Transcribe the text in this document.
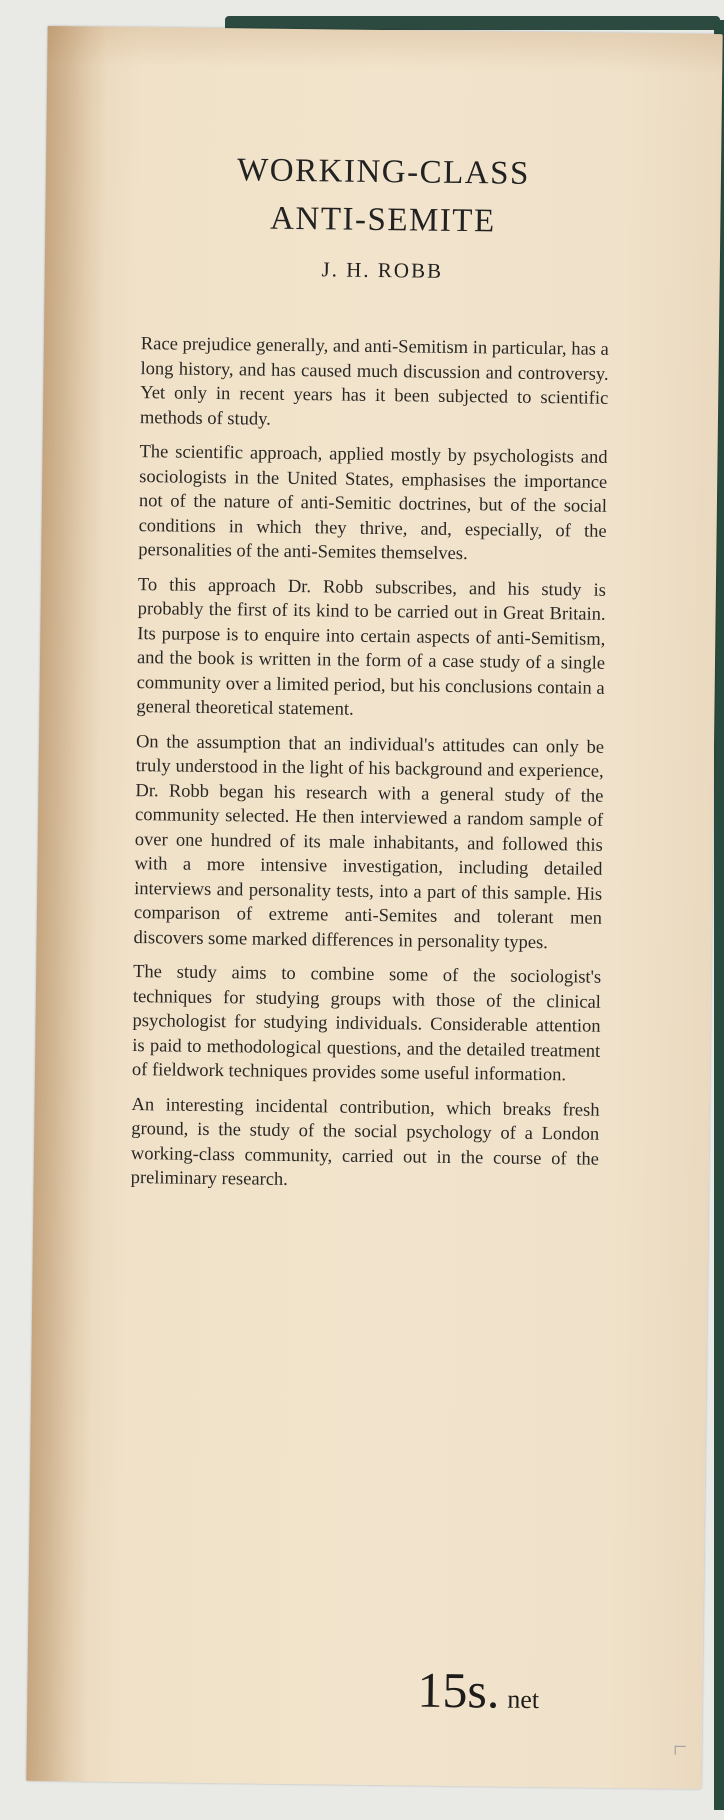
WORKING-CLASS
ANTI-SEMITE
J. H. ROBB

Race prejudice generally, and anti-Semitism in particular, has a long history, and has caused much discussion and controversy. Yet only in recent years has it been subjected to scientific methods of study.

The scientific approach, applied mostly by psychologists and sociologists in the United States, emphasises the importance not of the nature of anti-Semitic doctrines, but of the social conditions in which they thrive, and, especially, of the personalities of the anti-Semites themselves.

To this approach Dr. Robb subscribes, and his study is probably the first of its kind to be carried out in Great Britain. Its purpose is to enquire into certain aspects of anti-Semitism, and the book is written in the form of a case study of a single community over a limited period, but his conclusions contain a general theoretical statement.

On the assumption that an individual's attitudes can only be truly understood in the light of his background and experience, Dr. Robb began his research with a general study of the community selected. He then interviewed a random sample of over one hundred of its male inhabitants, and followed this with a more intensive investigation, including detailed interviews and personality tests, into a part of this sample. His comparison of extreme anti-Semites and tolerant men discovers some marked differences in personality types.

The study aims to combine some of the sociologist's techniques for studying groups with those of the clinical psychologist for studying individuals. Considerable attention is paid to methodological questions, and the detailed treatment of fieldwork techniques provides some useful information.

An interesting incidental contribution, which breaks fresh ground, is the study of the social psychology of a London working-class community, carried out in the course of the preliminary research.

15s. net
